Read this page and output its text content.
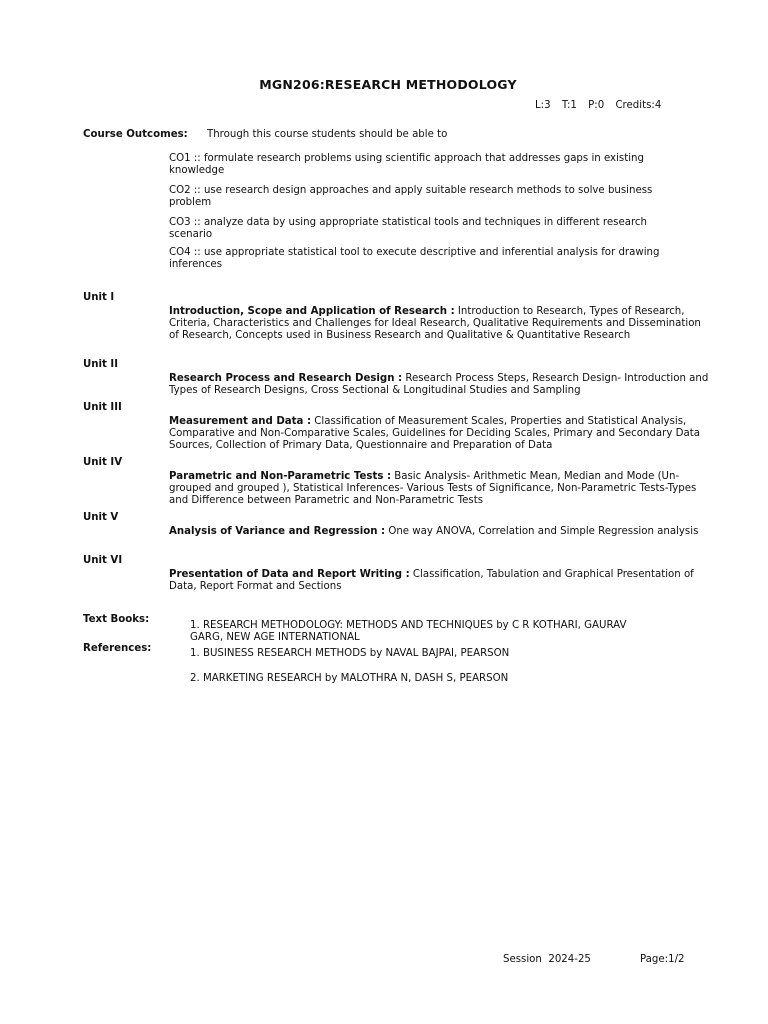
MGN206:RESEARCH METHODOLOGY
L:3 T:1 P:0 Credits:4
Course Outcomes: Through this course students should be able to
CO1 :: formulate research problems using scientific approach that addresses gaps in existing knowledge
CO2 :: use research design approaches and apply suitable research methods to solve business problem
CO3 :: analyze data by using appropriate statistical tools and techniques in different research scenario
CO4 :: use appropriate statistical tool to execute descriptive and inferential analysis for drawing inferences
Unit I
Introduction, Scope and Application of Research : Introduction to Research, Types of Research, Criteria, Characteristics and Challenges for Ideal Research, Qualitative Requirements and Dissemination of Research, Concepts used in Business Research and Qualitative & Quantitative Research
Unit II
Research Process and Research Design : Research Process Steps, Research Design- Introduction and Types of Research Designs, Cross Sectional & Longitudinal Studies and Sampling
Unit III
Measurement and Data : Classification of Measurement Scales, Properties and Statistical Analysis, Comparative and Non-Comparative Scales, Guidelines for Deciding Scales, Primary and Secondary Data Sources, Collection of Primary Data, Questionnaire and Preparation of Data
Unit IV
Parametric and Non-Parametric Tests : Basic Analysis- Arithmetic Mean, Median and Mode (Un-grouped and grouped ), Statistical Inferences- Various Tests of Significance, Non-Parametric Tests-Types and Difference between Parametric and Non-Parametric Tests
Unit V
Analysis of Variance and Regression : One way ANOVA, Correlation and Simple Regression analysis
Unit VI
Presentation of Data and Report Writing : Classification, Tabulation and Graphical Presentation of Data, Report Format and Sections
Text Books:
1. RESEARCH METHODOLOGY: METHODS AND TECHNIQUES by C R KOTHARI, GAURAV GARG, NEW AGE INTERNATIONAL
References:	1. BUSINESS RESEARCH METHODS by NAVAL BAJPAI, PEARSON
2. MARKETING RESEARCH by MALOTHRA N, DASH S, PEARSON
Session  2024-25	Page:1/2
